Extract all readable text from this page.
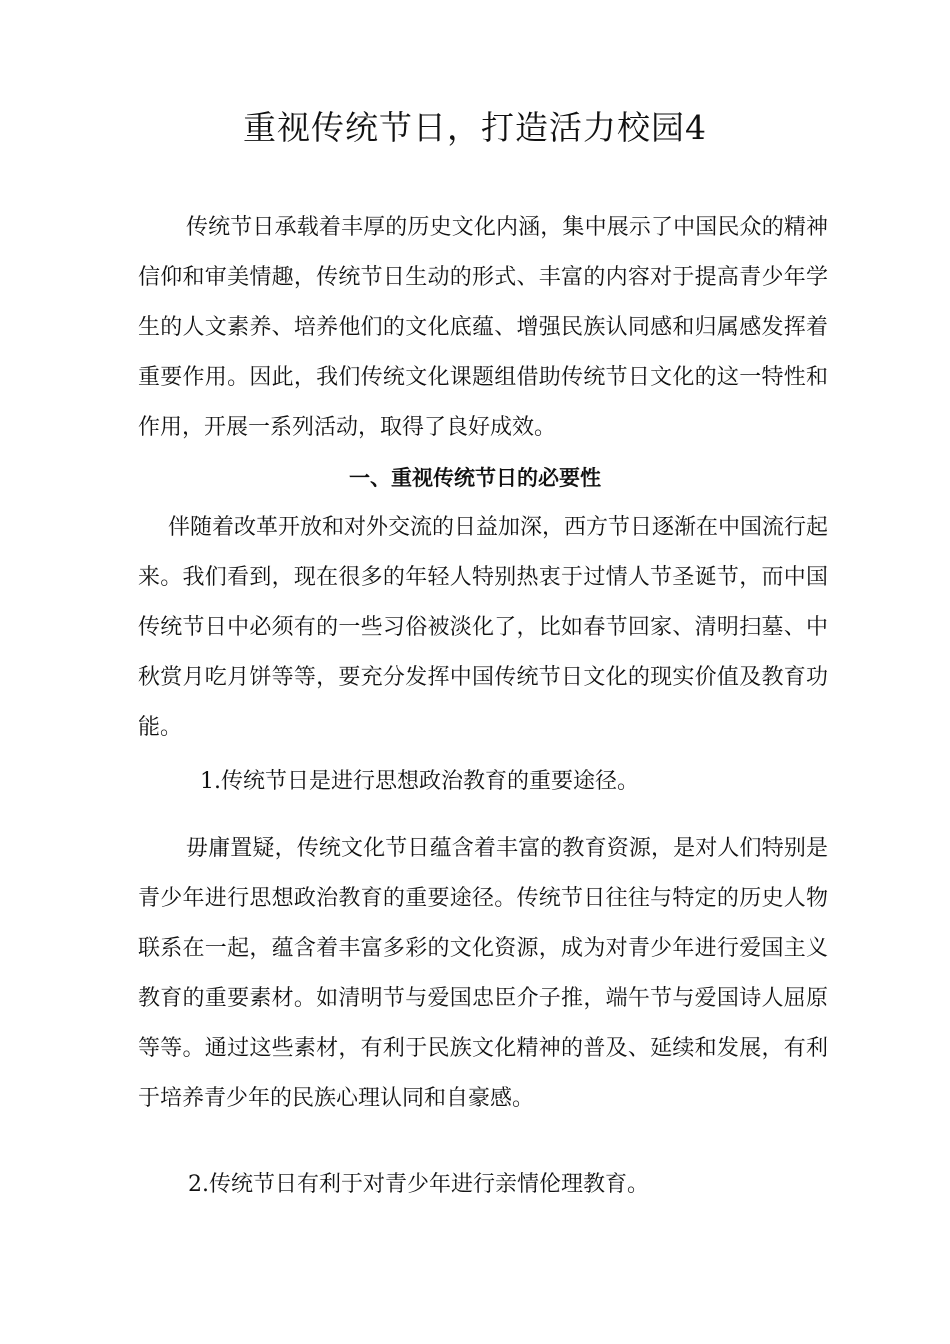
重视传统节日，打造活力校园4

传统节日承载着丰厚的历史文化内涵，集中展示了中国民众的精神信仰和审美情趣，传统节日生动的形式、丰富的内容对于提高青少年学生的人文素养、培养他们的文化底蕴、增强民族认同感和归属感发挥着重要作用。因此，我们传统文化课题组借助传统节日文化的这一特性和作用，开展一系列活动，取得了良好成效。

一、重视传统节日的必要性

伴随着改革开放和对外交流的日益加深，西方节日逐渐在中国流行起来。我们看到，现在很多的年轻人特别热衷于过情人节圣诞节，而中国传统节日中必须有的一些习俗被淡化了，比如春节回家、清明扫墓、中秋赏月吃月饼等等，要充分发挥中国传统节日文化的现实价值及教育功能。

1.传统节日是进行思想政治教育的重要途径。

毋庸置疑，传统文化节日蕴含着丰富的教育资源，是对人们特别是青少年进行思想政治教育的重要途径。传统节日往往与特定的历史人物联系在一起，蕴含着丰富多彩的文化资源，成为对青少年进行爱国主义教育的重要素材。如清明节与爱国忠臣介子推，端午节与爱国诗人屈原等等。通过这些素材，有利于民族文化精神的普及、延续和发展，有利于培养青少年的民族心理认同和自豪感。

2.传统节日有利于对青少年进行亲情伦理教育。
